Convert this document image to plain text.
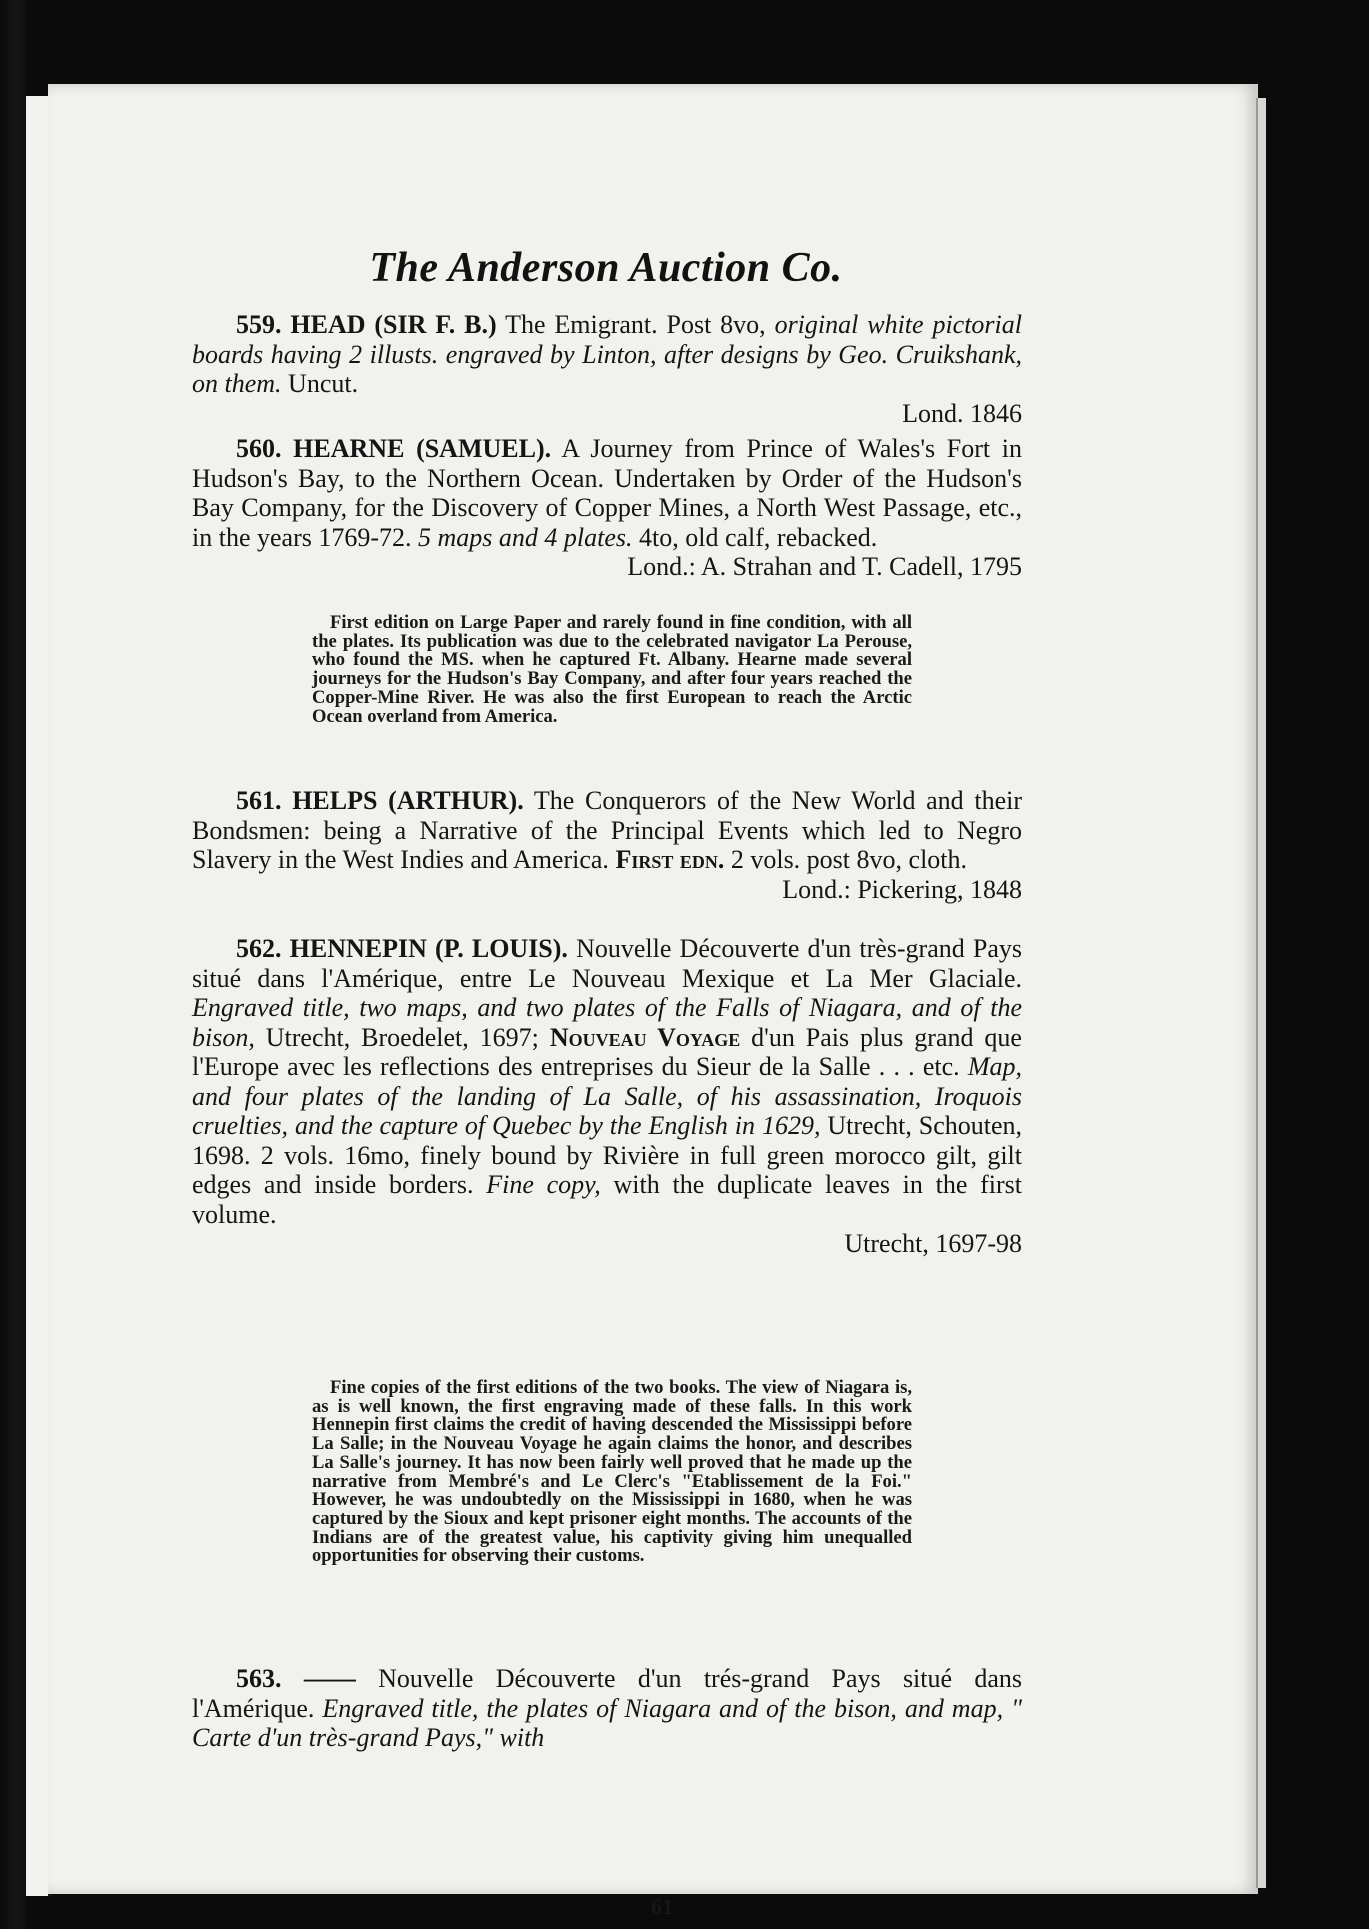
The Anderson Auction Co.
559. HEAD (SIR F. B.) The Emigrant. Post 8vo, original white pictorial boards having 2 illusts. engraved by Linton, after designs by Geo. Cruikshank, on them. Uncut.
Lond. 1846
560. HEARNE (SAMUEL). A Journey from Prince of Wales's Fort in Hudson's Bay, to the Northern Ocean. Undertaken by Order of the Hudson's Bay Company, for the Discovery of Copper Mines, a North West Passage, etc., in the years 1769-72. 5 maps and 4 plates. 4to, old calf, rebacked.
Lond.: A. Strahan and T. Cadell, 1795
First edition on Large Paper and rarely found in fine condition, with all the plates. Its publication was due to the celebrated navigator La Perouse, who found the MS. when he captured Ft. Albany. Hearne made several journeys for the Hudson's Bay Company, and after four years reached the Copper-Mine River. He was also the first European to reach the Arctic Ocean overland from America.
561. HELPS (ARTHUR). The Conquerors of the New World and their Bondsmen: being a Narrative of the Principal Events which led to Negro Slavery in the West Indies and America. First edn. 2 vols. post 8vo, cloth.
Lond.: Pickering, 1848
562. HENNEPIN (P. LOUIS). Nouvelle Découverte d'un très-grand Pays situé dans l'Amérique, entre Le Nouveau Mexique et La Mer Glaciale. Engraved title, two maps, and two plates of the Falls of Niagara, and of the bison, Utrecht, Broedelet, 1697; Nouveau Voyage d'un Pais plus grand que l'Europe avec les reflections des entreprises du Sieur de la Salle . . . etc. Map, and four plates of the landing of La Salle, of his assassination, Iroquois cruelties, and the capture of Quebec by the English in 1629, Utrecht, Schouten, 1698. 2 vols. 16mo, finely bound by Rivière in full green morocco gilt, gilt edges and inside borders. Fine copy, with the duplicate leaves in the first volume.
Utrecht, 1697-98
Fine copies of the first editions of the two books. The view of Niagara is, as is well known, the first engraving made of these falls. In this work Hennepin first claims the credit of having descended the Mississippi before La Salle; in the Nouveau Voyage he again claims the honor, and describes La Salle's journey. It has now been fairly well proved that he made up the narrative from Membré's and Le Clerc's "Etablissement de la Foi." However, he was undoubtedly on the Mississippi in 1680, when he was captured by the Sioux and kept prisoner eight months. The accounts of the Indians are of the greatest value, his captivity giving him unequalled opportunities for observing their customs.
563. —— Nouvelle Découverte d'un trés-grand Pays situé dans l'Amérique. Engraved title, the plates of Niagara and of the bison, and map, " Carte d'un très-grand Pays," with
61
